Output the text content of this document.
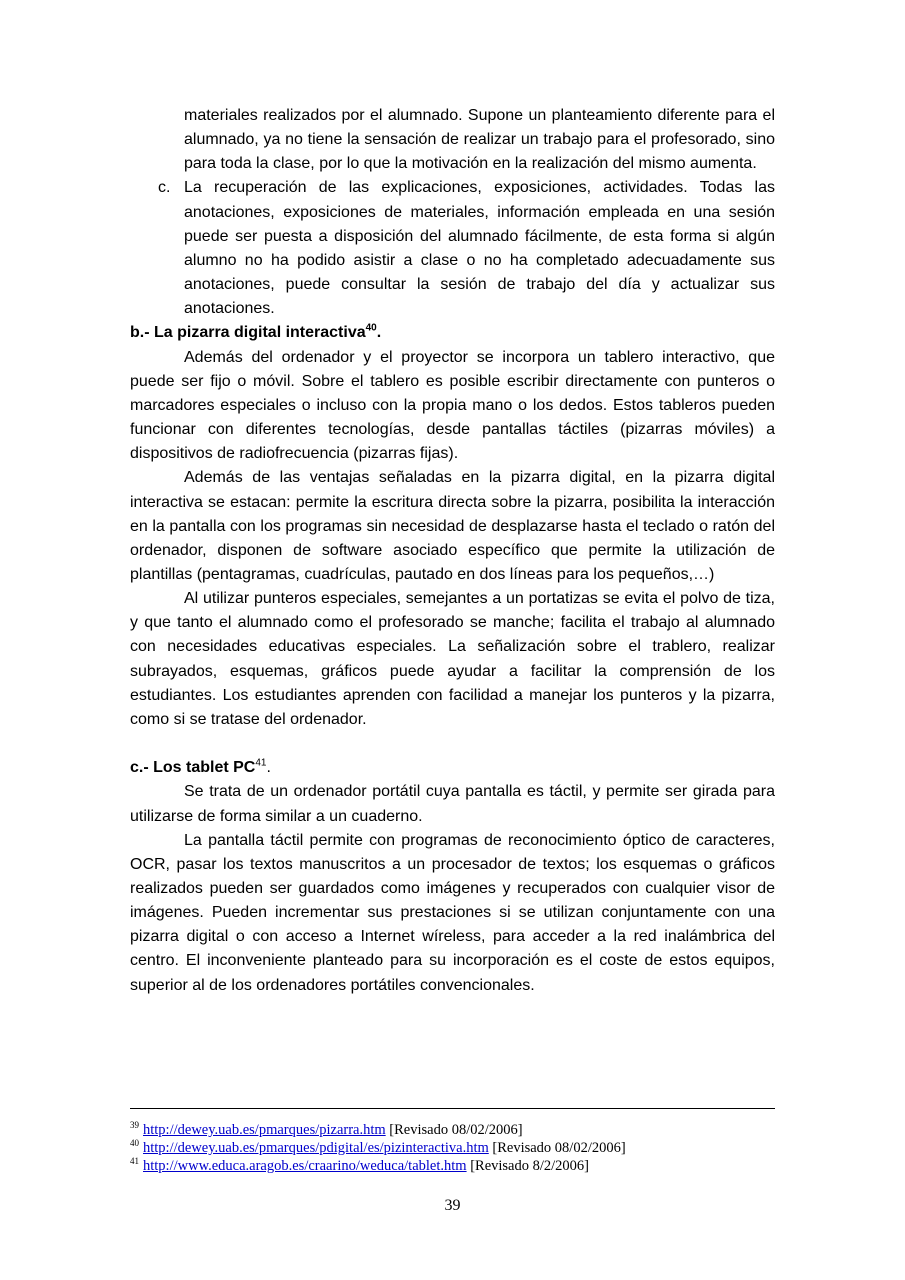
materiales realizados por el alumnado. Supone un planteamiento diferente para el alumnado, ya no tiene la sensación de realizar un trabajo para el profesorado, sino para toda la clase, por lo que la motivación en la realización del mismo aumenta.

c. La recuperación de las explicaciones, exposiciones, actividades. Todas las anotaciones, exposiciones de materiales, información empleada en una sesión puede ser puesta a disposición del alumnado fácilmente, de esta forma si algún alumno no ha podido asistir a clase o no ha completado adecuadamente sus anotaciones, puede consultar la sesión de trabajo del día y actualizar sus anotaciones.
b.- La pizarra digital interactiva$^{40}$.

Además del ordenador y el proyector se incorpora un tablero interactivo, que puede ser fijo o móvil. Sobre el tablero es posible escribir directamente con punteros o marcadores especiales o incluso con la propia mano o los dedos. Estos tableros pueden funcionar con diferentes tecnologías, desde pantallas táctiles (pizarras móviles) a dispositivos de radiofrecuencia (pizarras fijas).

Además de las ventajas señaladas en la pizarra digital, en la pizarra digital interactiva se estacan: permite la escritura directa sobre la pizarra, posibilita la interacción en la pantalla con los programas sin necesidad de desplazarse hasta el teclado o ratón del ordenador, disponen de software asociado específico que permite la utilización de plantillas (pentagramas, cuadrículas, pautado en dos líneas para los pequeños,…)

Al utilizar punteros especiales, semejantes a un portatizas se evita el polvo de tiza, y que tanto el alumnado como el profesorado se manche; facilita el trabajo al alumnado con necesidades educativas especiales. La señalización sobre el trablero, realizar subrayados, esquemas, gráficos puede ayudar a facilitar la comprensión de los estudiantes. Los estudiantes aprenden con facilidad a manejar los punteros y la pizarra, como si se tratase del ordenador.

c.- Los tablet PC$^{41}$.

Se trata de un ordenador portátil cuya pantalla es táctil, y permite ser girada para utilizarse de forma similar a un cuaderno.

La pantalla táctil permite con programas de reconocimiento óptico de caracteres, OCR, pasar los textos manuscritos a un procesador de textos; los esquemas o gráficos realizados pueden ser guardados como imágenes y recuperados con cualquier visor de imágenes. Pueden incrementar sus prestaciones si se utilizan conjuntamente con una pizarra digital o con acceso a Internet wíreless, para acceder a la red inalámbrica del centro. El inconveniente planteado para su incorporación es el coste de estos equipos, superior al de los ordenadores portátiles convencionales.

$^{39}$ http://dewey.uab.es/pmarques/pizarra.htm [Revisado 08/02/2006]
$^{40}$ http://dewey.uab.es/pmarques/pdigital/es/pizinteractiva.htm [Revisado 08/02/2006]
$^{41}$ http://www.educa.aragob.es/craarino/weduca/tablet.htm [Revisado 8/2/2006]
39
